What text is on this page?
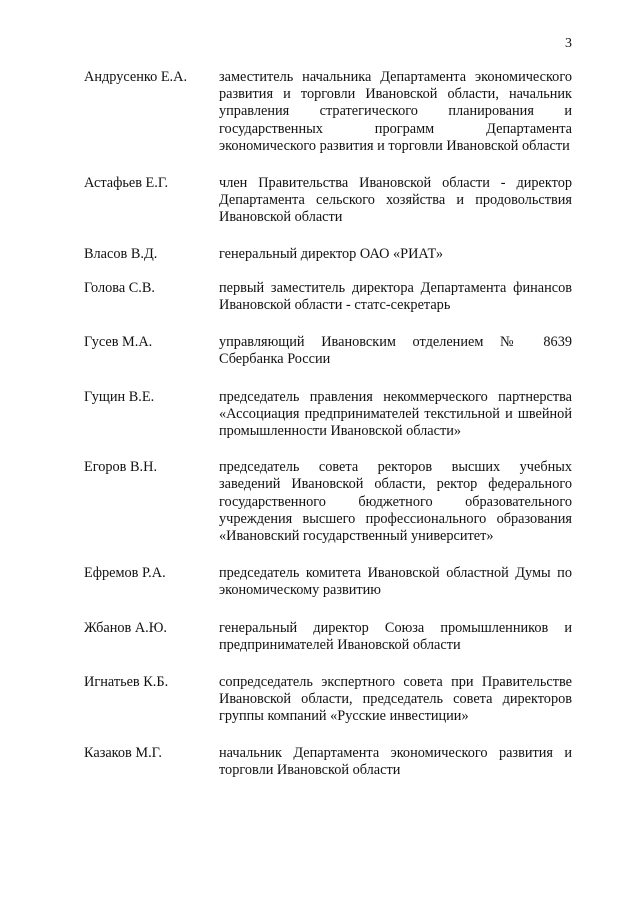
3
Андрусенко Е.А.	заместитель начальника Департамента экономического развития и торговли Ивановской области, начальник управления стратегического планирования и государственных программ Департамента экономического развития и торговли Ивановской области
Астафьев Е.Г.	член Правительства Ивановской области - директор Департамента сельского хозяйства и продовольствия Ивановской области
Власов В.Д.	генеральный директор ОАО «РИАТ»
Голова С.В.	первый заместитель директора Департамента финансов Ивановской области - статс-секретарь
Гусев М.А.	управляющий Ивановским отделением № 8639 Сбербанка России
Гущин В.Е.	председатель правления некоммерческого партнерства «Ассоциация предпринимателей текстильной и швейной промышленности Ивановской области»
Егоров В.Н.	председатель совета ректоров высших учебных заведений Ивановской области, ректор федерального государственного бюджетного образовательного учреждения высшего профессионального образования «Ивановский государственный университет»
Ефремов Р.А.	председатель комитета Ивановской областной Думы по экономическому развитию
Жбанов А.Ю.	генеральный директор Союза промышленников и предпринимателей Ивановской области
Игнатьев К.Б.	сопредседатель экспертного совета при Правительстве Ивановской области, председатель совета директоров группы компаний «Русские инвестиции»
Казаков М.Г.	начальник Департамента экономического развития и торговли Ивановской области
